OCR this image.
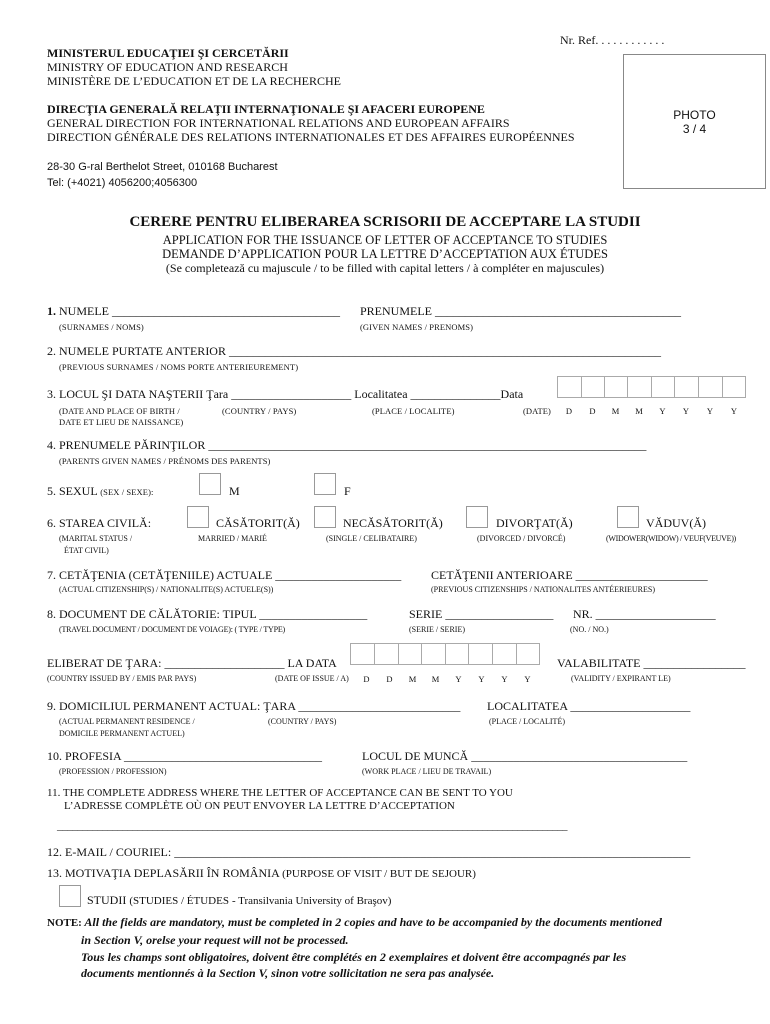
Nr. Ref. . . . . . . . . . . .
MINISTERUL EDUCAŢIEI ŞI CERCETĂRII
MINISTRY OF EDUCATION AND RESEARCH
MINISTÈRE DE L’EDUCATION ET DE LA RECHERCHE
DIRECŢIA GENERALĂ RELAŢII INTERNAŢIONALE ŞI AFACERI EUROPENE
GENERAL DIRECTION FOR INTERNATIONAL RELATIONS AND EUROPEAN AFFAIRS
DIRECTION GÉNÉRALE DES RELATIONS INTERNATIONALES ET DES AFFAIRES EUROPÉENNES
28-30 G-ral Berthelot Street, 010168 Bucharest
Tel: (+4021) 4056200;4056300
PHOTO
3 / 4
CERERE PENTRU ELIBERAREA SCRISORII DE ACCEPTARE LA STUDII
APPLICATION FOR THE ISSUANCE OF LETTER OF ACCEPTANCE TO STUDIES
DEMANDE D’APPLICATION POUR LA LETTRE D’ACCEPTATION AUX ÉTUDES
(Se completează cu majuscule / to be filled with capital letters / à compléter en majuscules)
1. NUMELE ______________________________________ PRENUMELE _________________________________________
(SURNAMES / NOMS)	(GIVEN NAMES / PRENOMS)
2. NUMELE PURTATE ANTERIOR ________________________________________________________________________
(PREVIOUS SURNAMES / NOMS PORTE ANTERIEUREMENT)
3. LOCUL ŞI DATA NAŞTERII Ţara ____________________ Localitatea _______________Data
(DATE AND PLACE OF BIRTH /
DATE ET LIEU DE NAISSANCE)
(COUNTRY / PAYS)	(PLACE / LOCALITE)	(DATE)	D	D	M	M	Y	Y	Y	Y
4. PRENUMELE PĂRINŢILOR _________________________________________________________________________
(PARENTS GIVEN NAMES / PRÉNOMS DES PARENTS)
5. SEXUL (SEX / SEXE):	M	F
6. STAREA CIVILĂ:	CĂSĂTORIT(Ă)	NECĂSĂTORIT(Ă)	DIVORŢAT(Ă)	VĂDUV(Ă)
(MARITAL STATUS /
ÉTAT CIVIL)
MARRIED / MARIÉ	(SINGLE / CELIBATAIRE)	(DIVORCED / DIVORCÉ)	(WIDOWER(WIDOW) / VEUF(VEUVE))
7. CETĂŢENIA (CETĂŢENIILE) ACTUALE _____________________ CETĂŢENII ANTERIOARE ______________________
(ACTUAL CITIZENSHIP(S) / NATIONALITE(S) ACTUELE(S))	(PREVIOUS CITIZENSHIPS / NATIONALITES ANTÉERIEURES)
8. DOCUMENT DE CĂLĂTORIE: TIPUL __________________	SERIE __________________ NR. ____________________
(TRAVEL DOCUMENT / DOCUMENT DE VOIAGE): ( TYPE / TYPE)	(SERIE / SERIE)	(NO. / NO.)
ELIBERAT DE ŢARA: ____________________ LA DATA	VALABILITATE _________________
(COUNTRY ISSUED BY / EMIS PAR PAYS)	(DATE OF ISSUE / A)	D	D	M	M	Y	Y	Y	Y	(VALIDITY / EXPIRANT LE)
9. DOMICILIUL PERMANENT ACTUAL: ŢARA ___________________________ LOCALITATEA ____________________
(ACTUAL PERMANENT RESIDENCE /
DOMICILE PERMANENT ACTUEL)
(COUNTRY / PAYS)	(PLACE / LOCALITÉ)
10. PROFESIA _________________________________	LOCUL DE MUNCĂ ____________________________________
(PROFESSION / PROFESSION)	(WORK PLACE / LIEU DE TRAVAIL)
11. THE COMPLETE ADDRESS WHERE THE LETTER OF ACCEPTANCE CAN BE SENT TO YOU
L’ADRESSE COMPLÈTE OÙ ON PEUT ENVOYER LA LETTRE D’ACCEPTATION
______________________________________________________________________________________________________
12. E-MAIL / COURIEL: ______________________________________________________________________________________
13. MOTIVAŢIA DEPLASĂRII ÎN ROMÂNIA (PURPOSE OF VISIT / BUT DE SEJOUR)
STUDII (STUDIES / ÉTUDES - Transilvania University of Braşov)
NOTE: All the fields are mandatory, must be completed in 2 copies and have to be accompanied by the documents mentioned
in Section V, orelse your request will not be processed.
Tous les champs sont obligatoires, doivent être complétés en 2 exemplaires et doivent être accompagnés par les
documents mentionnés à la Section V, sinon votre sollicitation ne sera pas analysée.
